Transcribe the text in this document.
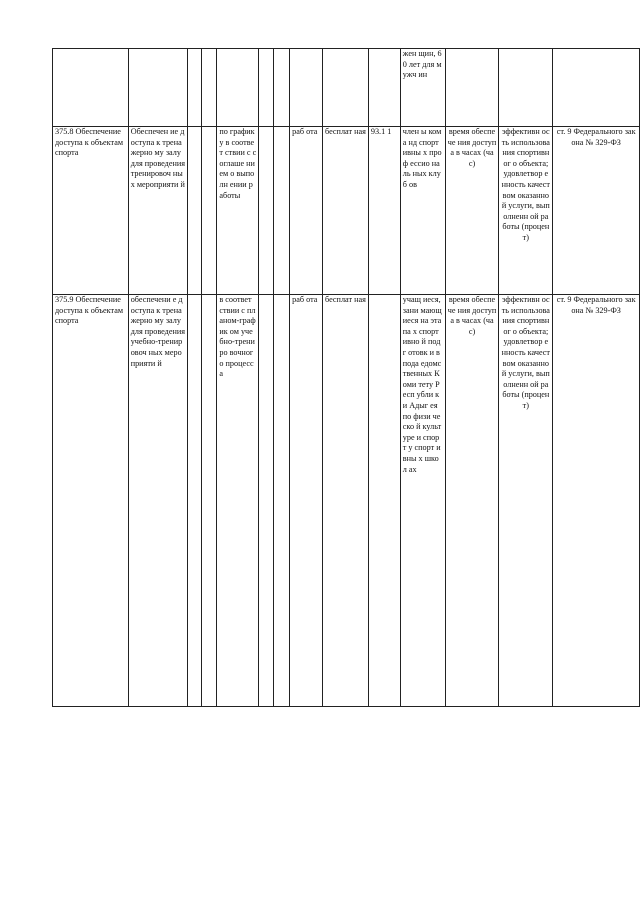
										жен щин, 60 лет для мужч ин			
375.8 Обеспечение доступа к объектам спорта	Обеспечен ие доступа к тренажерно му залу для проведения тренировоч ных мероприяти й			по график у в соответ ствии с соглаше нием о выполн ении работы			раб ота	бесплат ная	93.1 1	член ы кома нд спорт ивны х проф ессио наль ных клуб ов	время обеспече ния доступа в часах (час)	эффективн ость использова ния спортивног о объекта; удовлетвор енность качеством оказанной услуги, выполненн ой работы (процент)	ст. 9 Федерального закона № 329-ФЗ
375.9 Обеспечение доступа к объектам спорта	обеспечени е доступа к тренажерно му залу для проведения учебно-тренировоч ных мероприяти й			в соответ ствии с планом-график ом учебно-трениро вочного процесс а			раб ота	бесплат ная		учащ иеся, зани мающ иеся на этапа х спорт ивно й подг отовк и в пода едомственных Коми тету Респ убли ки Адыг ея по физи ческо й культ уре и спорт у спорт ивны х школ ах	время обеспече ния доступа в часах (час)	эффективн ость использова ния спортивног о объекта; удовлетвор енность качеством оказанной услуги, выполненн ой работы (процент)	ст. 9 Федерального закона № 329-ФЗ
